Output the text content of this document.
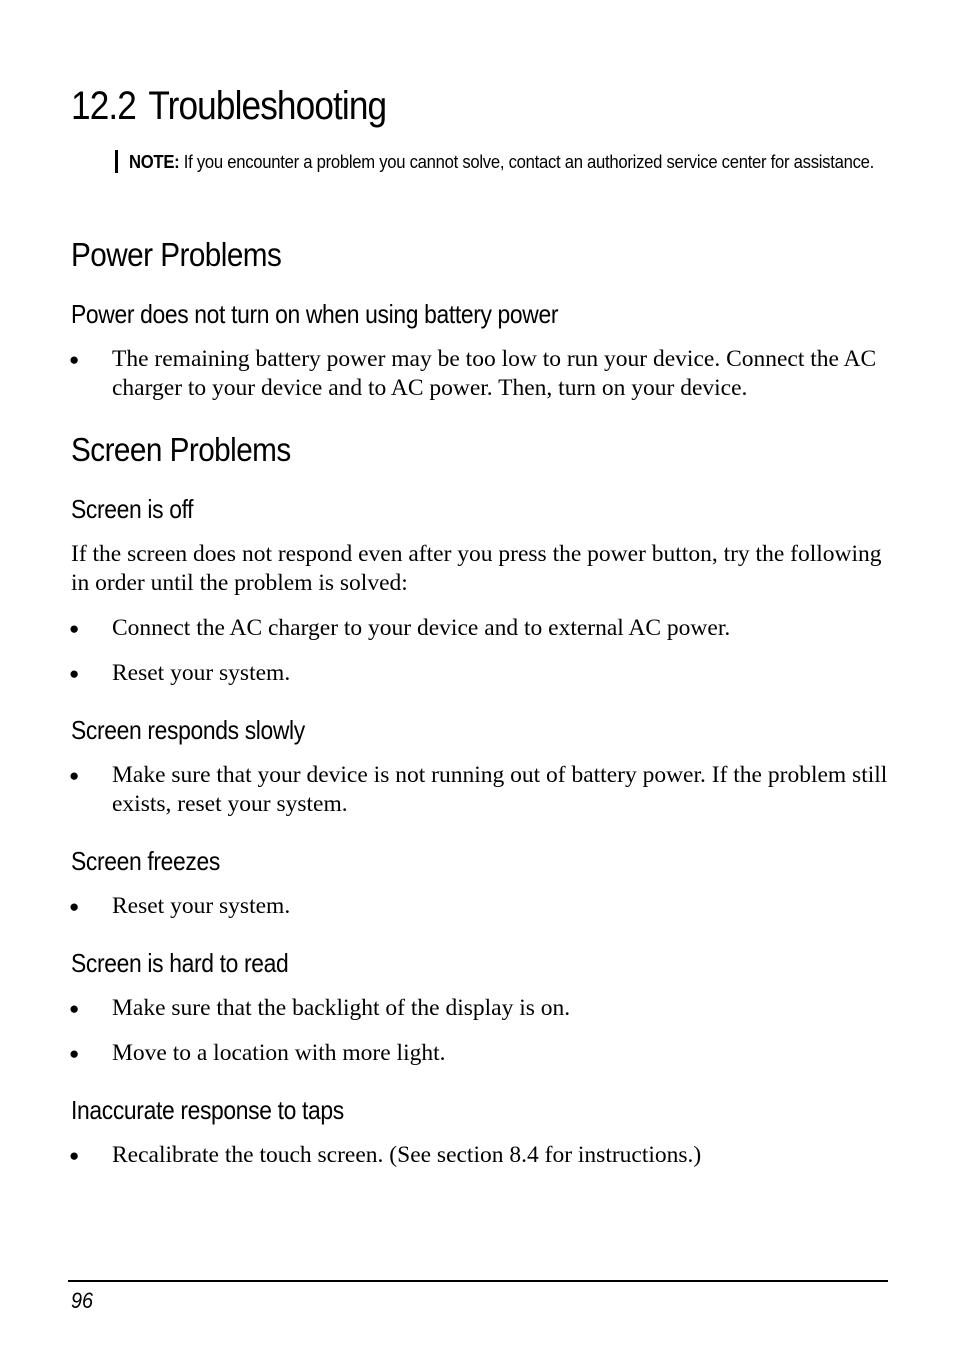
12.2 Troubleshooting
NOTE: If you encounter a problem you cannot solve, contact an authorized service center for assistance.
Power Problems
Power does not turn on when using battery power
● The remaining battery power may be too low to run your device. Connect the AC charger to your device and to AC power. Then, turn on your device.
Screen Problems
Screen is off

If the screen does not respond even after you press the power button, try the following in order until the problem is solved:

● Connect the AC charger to your device and to external AC power.
● Reset your system.
Screen responds slowly
● Make sure that your device is not running out of battery power. If the problem still exists, reset your system.
Screen freezes
● Reset your system.
Screen is hard to read
● Make sure that the backlight of the display is on.
● Move to a location with more light.
Inaccurate response to taps
● Recalibrate the touch screen. (See section 8.4 for instructions.)
96
